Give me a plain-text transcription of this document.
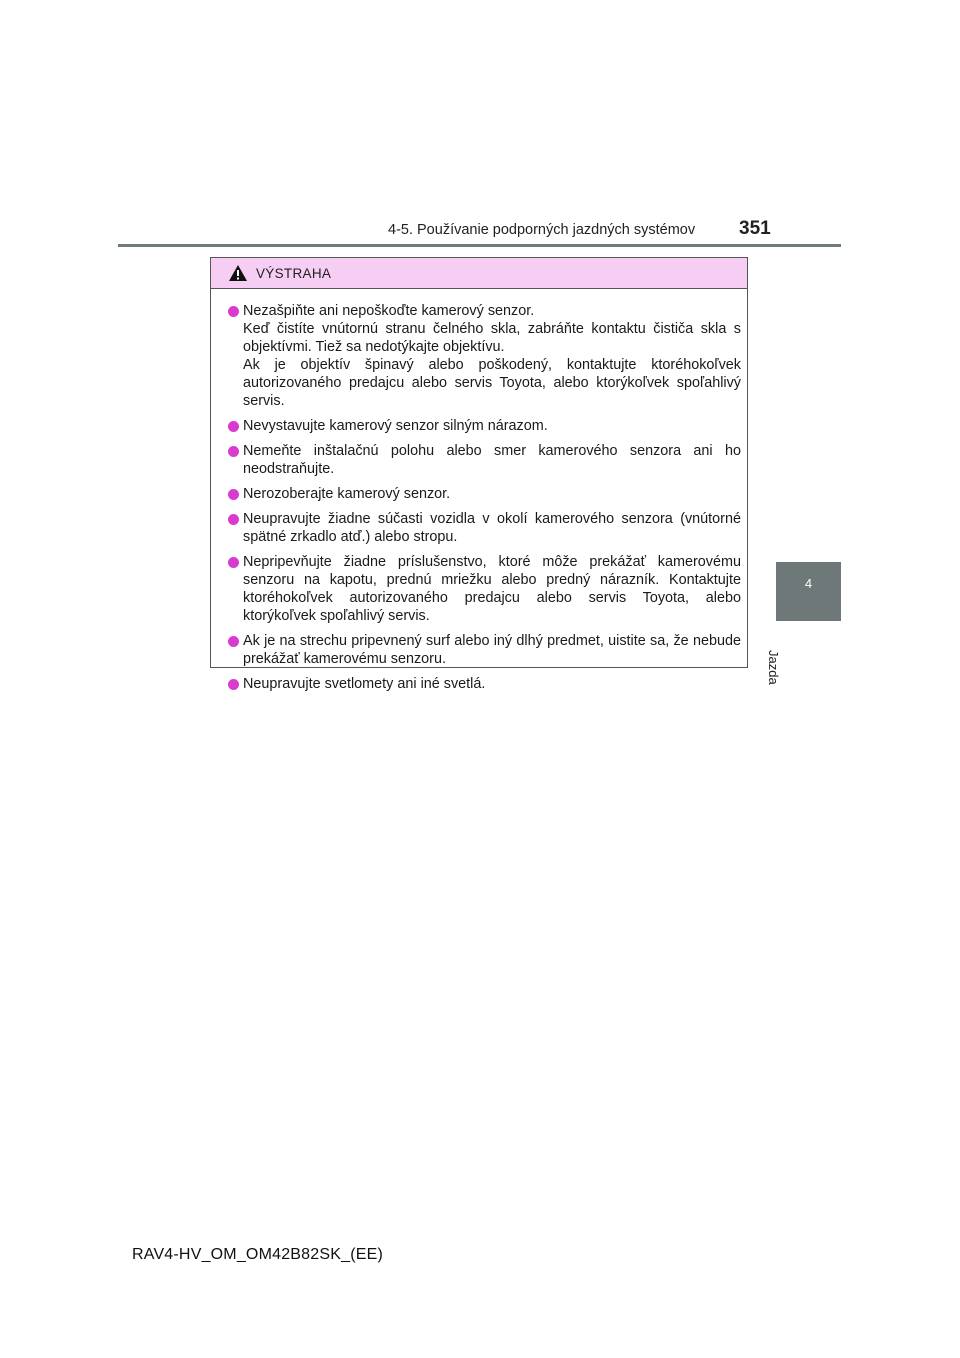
4-5. Používanie podporných jazdných systémov 351
4
Jazda
VÝSTRAHA
Nezašpiňte ani nepoškoďte kamerový senzor.
Keď čistíte vnútornú stranu čelného skla, zabráňte kontaktu čističa skla s objektívmi. Tiež sa nedotýkajte objektívu.
Ak je objektív špinavý alebo poškodený, kontaktujte ktoréhokoľvek autorizovaného predajcu alebo servis Toyota, alebo ktorýkoľvek spoľahlivý servis.
Nevystavujte kamerový senzor silným nárazom.
Nemeňte inštalačnú polohu alebo smer kamerového senzora ani ho neodstraňujte.
Nerozoberajte kamerový senzor.
Neupravujte žiadne súčasti vozidla v okolí kamerového senzora (vnútorné spätné zrkadlo atď.) alebo stropu.
Nepripevňujte žiadne príslušenstvo, ktoré môže prekážať kamerovému senzoru na kapotu, prednú mriežku alebo predný nárazník. Kontaktujte ktoréhokoľvek autorizovaného predajcu alebo servis Toyota, alebo ktorýkoľvek spoľahlivý servis.
Ak je na strechu pripevnený surf alebo iný dlhý predmet, uistite sa, že nebude prekážať kamerovému senzoru.
Neupravujte svetlomety ani iné svetlá.
RAV4-HV_OM_OM42B82SK_(EE)
